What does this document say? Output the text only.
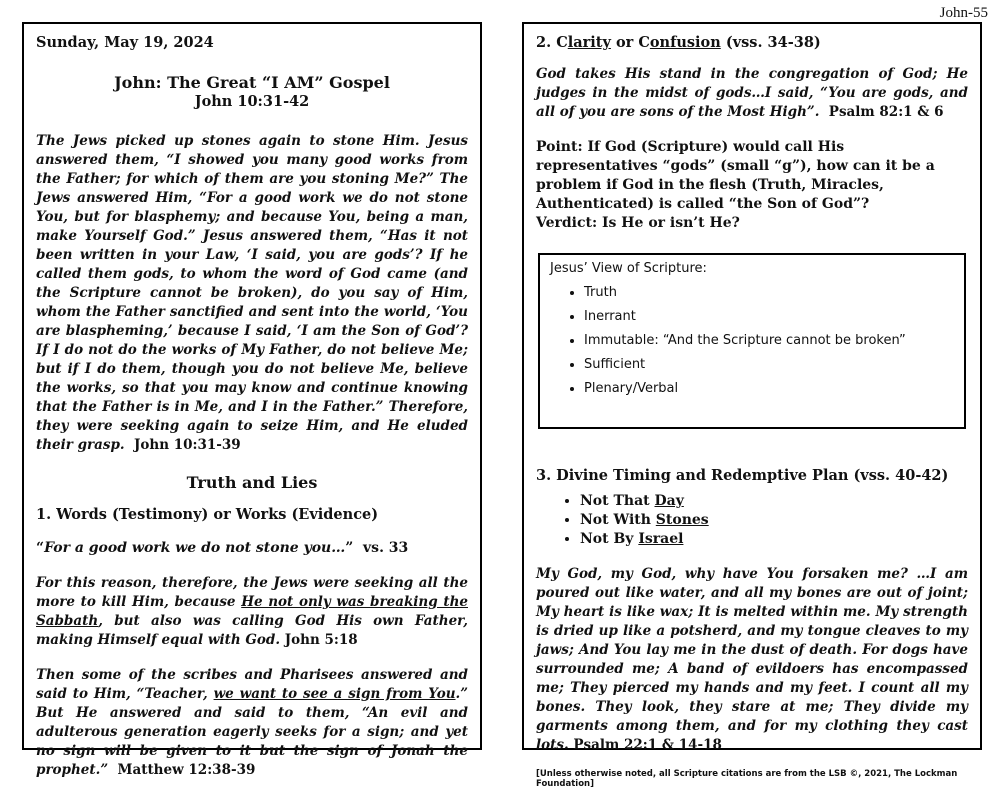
John-55

Sunday, May 19, 2024

John: The Great “I AM” Gospel

John 10:31-42

The Jews picked up stones again to stone Him. Jesus answered them, “I showed you many good works from the Father; for which of them are you stoning Me?” The Jews answered Him, “For a good work we do not stone You, but for blasphemy; and because You, being a man, make Yourself God.” Jesus answered them, “Has it not been written in your Law, ‘I said, you are gods’? If he called them gods, to whom the word of God came (and the Scripture cannot be broken), do you say of Him, whom the Father sanctified and sent into the world, ‘You are blaspheming,’ because I said, ‘I am the Son of God’? If I do not do the works of My Father, do not believe Me; but if I do them, though you do not believe Me, believe the works, so that you may know and continue knowing that the Father is in Me, and I in the Father.” Therefore, they were seeking again to seize Him, and He eluded their grasp. John 10:31-39

Truth and Lies

1. Words (Testimony) or Works (Evidence)

“For a good work we do not stone you…”  vs. 33

For this reason, therefore, the Jews were seeking all the more to kill Him, because He not only was breaking the Sabbath, but also was calling God His own Father, making Himself equal with God. John 5:18

Then some of the scribes and Pharisees answered and said to Him, “Teacher, we want to see a sign from You.” But He answered and said to them, “An evil and adulterous generation eagerly seeks for a sign; and yet no sign will be given to it but the sign of Jonah the prophet.” Matthew 12:38-39

2. Clarity or Confusion (vss. 34-38)

God takes His stand in the congregation of God; He judges in the midst of gods…I said, “You are gods, and all of you are sons of the Most High”. Psalm 82:1 & 6

Point: If God (Scripture) would call His representatives “gods” (small “g”), how can it be a problem if God in the flesh (Truth, Miracles, Authenticated) is called “the Son of God”?

Verdict: Is He or isn’t He?

Jesus’ View of Scripture:
• Truth
• Inerrant
• Immutable: “And the Scripture cannot be broken”
• Sufficient
• Plenary/Verbal

3. Divine Timing and Redemptive Plan (vss. 40-42)

• Not That Day
• Not With Stones
• Not By Israel

My God, my God, why have You forsaken me? …I am poured out like water, and all my bones are out of joint; My heart is like wax; It is melted within me. My strength is dried up like a potsherd, and my tongue cleaves to my jaws; And You lay me in the dust of death. For dogs have surrounded me; A band of evildoers has encompassed me; They pierced my hands and my feet. I count all my bones. They look, they stare at me; They divide my garments among them, and for my clothing they cast lots. Psalm 22:1 & 14-18

[Unless otherwise noted, all Scripture citations are from the LSB ©, 2021, The Lockman Foundation]
